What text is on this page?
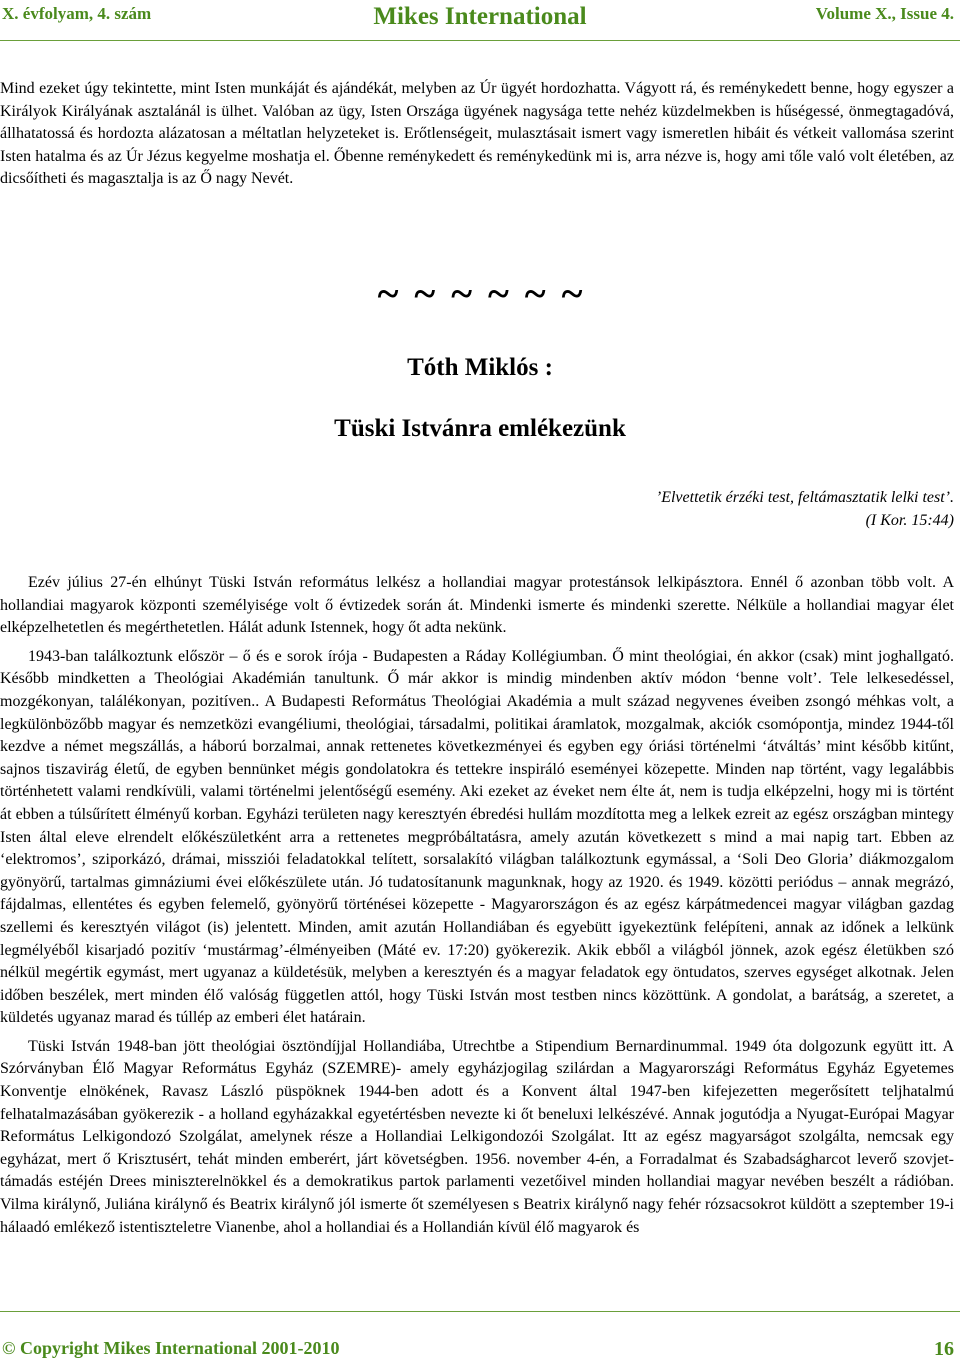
X. évfolyam, 4. szám	Mikes International	Volume X., Issue 4.

Mind ezeket úgy tekintette, mint Isten munkáját és ajándékát, melyben az Úr ügyét hordozhatta. Vágyott rá, és reménykedett benne, hogy egyszer a Királyok Királyának asztalánál is ülhet. Valóban az ügy, Isten Országa ügyének nagysága tette nehéz küzdelmekben is hűségessé, önmegtagadóvá, állhatatossá és hordozta alázatosan a méltatlan helyzeteket is. Erőtlenségeit, mulasztásait ismert vagy ismeretlen hibáit és vétkeit vallomása szerint Isten hatalma és az Úr Jézus kegyelme moshatja el. Őbenne reménykedett és reménykedünk mi is, arra nézve is, hogy ami tőle való volt életében, az dicsőítheti és magasztalja is az Ő nagy Nevét.

~ ~ ~ ~ ~ ~
Tóth Miklós :
Tüski Istvánra emlékezünk
’Elvettetik érzéki test, feltámasztatik lelki test’.
(I Kor. 15:44)

Ezév július 27-én elhúnyt Tüski István református lelkész a hollandiai magyar protestánsok lelkipásztora. Ennél ő azonban több volt. A hollandiai magyarok központi személyisége volt ő évtizedek során át. Mindenki ismerte és mindenki szerette. Nélküle a hollandiai magyar élet elképzelhetetlen és megérthetetlen. Hálát adunk Istennek, hogy őt adta nekünk.

1943-ban találkoztunk először – ő és e sorok írója - Budapesten a Ráday Kollégiumban. Ő mint theológiai, én akkor (csak) mint joghallgató. Később mindketten a Theológiai Akadémián tanultunk. Ő már akkor is mindig mindenben aktív módon ‘benne volt’. Tele lelkesedéssel, mozgékonyan, találékonyan, pozitíven.. A Budapesti Református Theológiai Akadémia a mult század negyvenes éveiben zsongó méhkas volt, a legkülönbözőbb magyar és nemzetközi evangéliumi, theológiai, társadalmi, politikai áramlatok, mozgalmak, akciók csomópontja, mindez 1944-től kezdve a német megszállás, a háború borzalmai, annak rettenetes következményei és egyben egy óriási történelmi ‘átváltás’ mint később kitűnt, sajnos tiszavirág életű, de egyben bennünket mégis gondolatokra és tettekre inspiráló eseményei közepette. Minden nap történt, vagy legalábbis történhetett valami rendkívüli, valami történelmi jelentőségű esemény. Aki ezeket az éveket nem élte át, nem is tudja elképzelni, hogy mi is történt át ebben a túlsűrített élményű korban. Egyházi területen nagy keresztyén ébredési hullám mozdította meg a lelkek ezreit az egész országban mintegy Isten által eleve elrendelt előkészületként arra a rettenetes megpróbáltatásra, amely azután következett s mind a mai napig tart. Ebben az ‘elektromos’, sziporkázó, drámai, missziói feladatokkal telített, sorsalakító világban találkoztunk egymással, a ‘Soli Deo Gloria’ diákmozgalom gyönyörű, tartalmas gimnáziumi évei előkészülete után. Jó tudatosítanunk magunknak, hogy az 1920. és 1949. közötti periódus – annak megrázó, fájdalmas, ellentétes és egyben felemelő, gyönyörű történései közepette - Magyarországon és az egész kárpátmedencei magyar világban gazdag szellemi és keresztyén világot (is) jelentett. Minden, amit azután Hollandiában és egyebütt igyekeztünk felépíteni, annak az időnek a lelkünk legmélyéből kisarjadó pozitív ‘mustármag’-élményeiben (Máté ev. 17:20) gyökerezik. Akik ebből a világból jönnek, azok egész életükben szó nélkül megértik egymást, mert ugyanaz a küldetésük, melyben a keresztyén és a magyar feladatok egy öntudatos, szerves egységet alkotnak. Jelen időben beszélek, mert minden élő valóság független attól, hogy Tüski István most testben nincs közöttünk. A gondolat, a barátság, a szeretet, a küldetés ugyanaz marad és túllép az emberi élet határain.

Tüski István 1948-ban jött theológiai ösztöndíjjal Hollandiába, Utrechtbe a Stipendium Bernardinummal. 1949 óta dolgozunk együtt itt. A Szórványban Élő Magyar Református Egyház (SZEMRE)- amely egyházjogilag szilárdan a Magyarországi Református Egyház Egyetemes Konventje elnökének, Ravasz László püspöknek 1944-ben adott és a Konvent által 1947-ben kifejezetten megerősített teljhatalmú felhatalmazásában gyökerezik - a holland egyházakkal egyetértésben nevezte ki őt beneluxi lelkészévé. Annak jogutódja a Nyugat-Európai Magyar Református Lelkigondozó Szolgálat, amelynek része a Hollandiai Lelkigondozói Szolgálat. Itt az egész magyarságot szolgálta, nemcsak egy egyházat, mert ő Krisztusért, tehát minden emberért, járt követségben. 1956. november 4-én, a Forradalmat és Szabadságharcot leverő szovjet-támadás estéjén Drees miniszterelnökkel és a demokratikus partok parlamenti vezetőivel minden hollandiai magyar nevében beszélt a rádióban. Vilma királynő, Juliána királynő és Beatrix királynő jól ismerte őt személyesen s Beatrix királynő nagy fehér rózsacsokrot küldött a szeptember 19-i hálaadó emlékező istentiszteletre Vianenbe, ahol a hollandiai és a Hollandián kívül élő magyarok és

© Copyright Mikes International 2001-2010	16
